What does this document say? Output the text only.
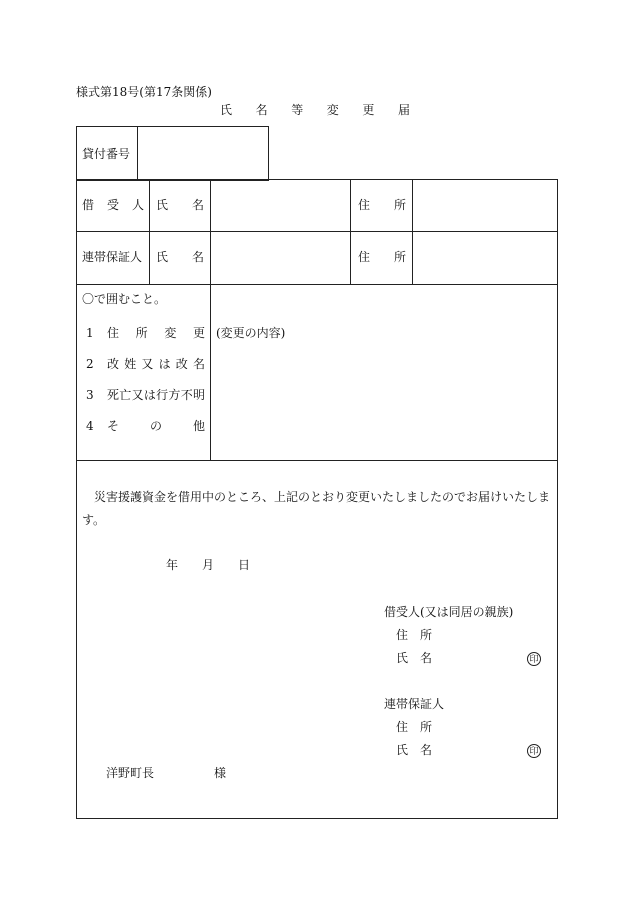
様式第18号(第17条関係)
氏 名 等 変 更 届
貸付番号
借 受 人 氏 名	住 所
連帯保証人 氏 名	住 所
〇で囲むこと。
1 住 所 変 更
2 改 姓 又 は 改 名
3 死 亡 又 は 行 方 不 明
4 そ	の	他
(変更の内容)
災害援護資金を借用中のところ、上記のとおり変更いたしましたのでお届けいたしま
す。
年 月 日
借受人(又は同居の親族)
住 所
氏 名	印
連帯保証人
住 所
氏 名	印
洋野町長	様
